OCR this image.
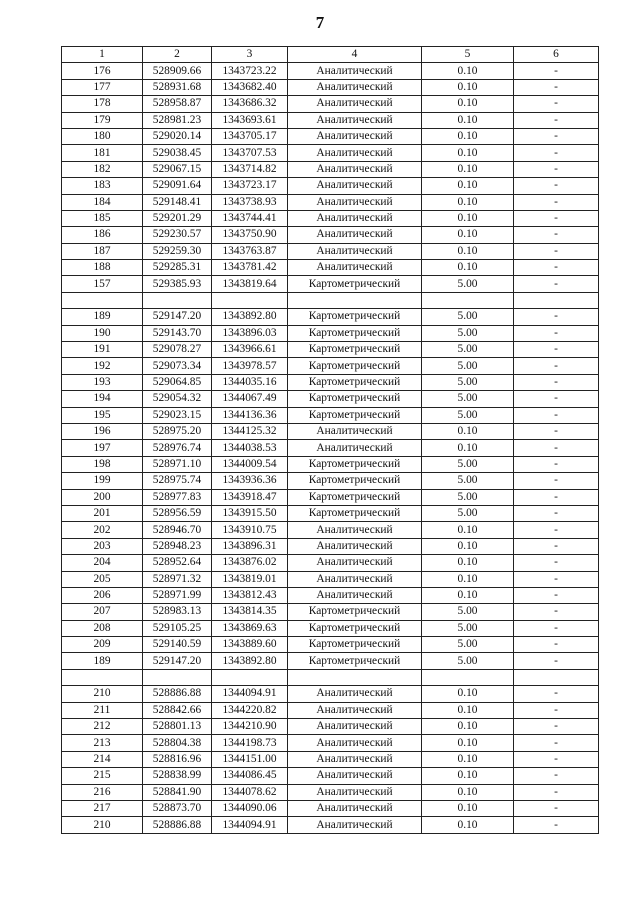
7
1	2	3	4	5	6
176	528909.66	1343723.22	Аналитический	0.10	-
177	528931.68	1343682.40	Аналитический	0.10	-
178	528958.87	1343686.32	Аналитический	0.10	-
179	528981.23	1343693.61	Аналитический	0.10	-
180	529020.14	1343705.17	Аналитический	0.10	-
181	529038.45	1343707.53	Аналитический	0.10	-
182	529067.15	1343714.82	Аналитический	0.10	-
183	529091.64	1343723.17	Аналитический	0.10	-
184	529148.41	1343738.93	Аналитический	0.10	-
185	529201.29	1343744.41	Аналитический	0.10	-
186	529230.57	1343750.90	Аналитический	0.10	-
187	529259.30	1343763.87	Аналитический	0.10	-
188	529285.31	1343781.42	Аналитический	0.10	-
157	529385.93	1343819.64	Картометрический	5.00	-

189	529147.20	1343892.80	Картометрический	5.00	-
190	529143.70	1343896.03	Картометрический	5.00	-
191	529078.27	1343966.61	Картометрический	5.00	-
192	529073.34	1343978.57	Картометрический	5.00	-
193	529064.85	1344035.16	Картометрический	5.00	-
194	529054.32	1344067.49	Картометрический	5.00	-
195	529023.15	1344136.36	Картометрический	5.00	-
196	528975.20	1344125.32	Аналитический	0.10	-
197	528976.74	1344038.53	Аналитический	0.10	-
198	528971.10	1344009.54	Картометрический	5.00	-
199	528975.74	1343936.36	Картометрический	5.00	-
200	528977.83	1343918.47	Картометрический	5.00	-
201	528956.59	1343915.50	Картометрический	5.00	-
202	528946.70	1343910.75	Аналитический	0.10	-
203	528948.23	1343896.31	Аналитический	0.10	-
204	528952.64	1343876.02	Аналитический	0.10	-
205	528971.32	1343819.01	Аналитический	0.10	-
206	528971.99	1343812.43	Аналитический	0.10	-
207	528983.13	1343814.35	Картометрический	5.00	-
208	529105.25	1343869.63	Картометрический	5.00	-
209	529140.59	1343889.60	Картометрический	5.00	-
189	529147.20	1343892.80	Картометрический	5.00	-

210	528886.88	1344094.91	Аналитический	0.10	-
211	528842.66	1344220.82	Аналитический	0.10	-
212	528801.13	1344210.90	Аналитический	0.10	-
213	528804.38	1344198.73	Аналитический	0.10	-
214	528816.96	1344151.00	Аналитический	0.10	-
215	528838.99	1344086.45	Аналитический	0.10	-
216	528841.90	1344078.62	Аналитический	0.10	-
217	528873.70	1344090.06	Аналитический	0.10	-
210	528886.88	1344094.91	Аналитический	0.10	-
